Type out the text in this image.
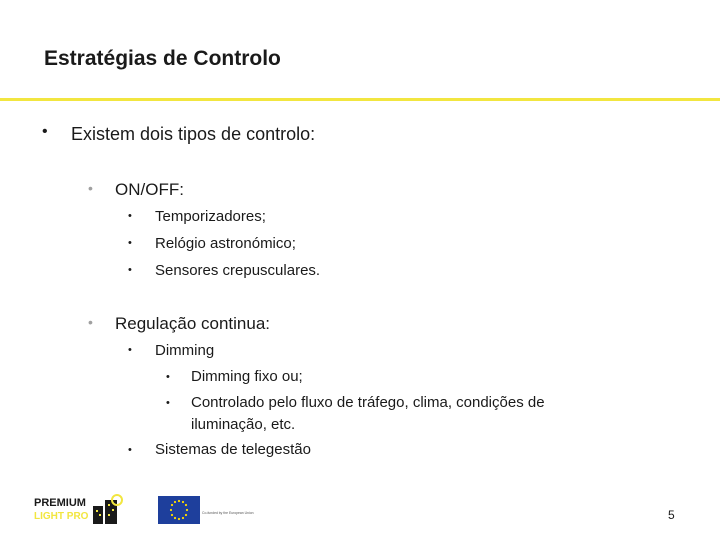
Estratégias de Controlo
• Existem dois tipos de controlo:
• ON/OFF:
• Temporizadores;
• Relógio astronómico;
• Sensores crepusculares.
• Regulação continua:
• Dimming
• Dimming fixo ou;
• Controlado pelo fluxo de tráfego, clima, condições de
iluminação, etc.
• Sistemas de telegestão
PREMIUM
LIGHT PRO	Co-funded by the European Union	5
